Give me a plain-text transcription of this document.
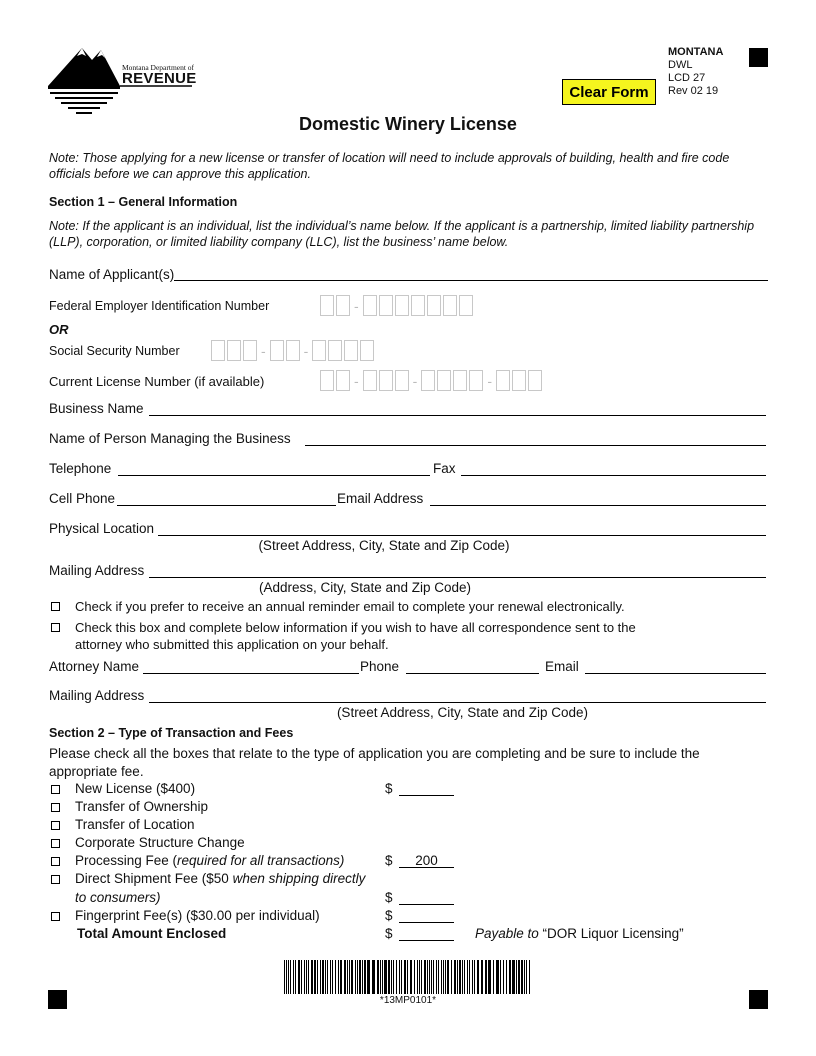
Montana Department of
REVENUE
MONTANA
DWL
LCD 27
Rev 02 19
Clear Form
Domestic Winery License
Note: Those applying for a new license or transfer of location will need to include approvals of building, health and fire code officials before we can approve this application.
Section 1 – General Information
Note: If the applicant is an individual, list the individual’s name below. If the applicant is a partnership, limited liability partnership (LLP), corporation, or limited liability company (LLC), list the business’ name below.
Name of Applicant(s)
Federal Employer Identification Number	-
OR
Social Security Number	-	-
Current License Number (if available)	-	-	-
Business Name
Name of Person Managing the Business
Telephone	Fax
Cell Phone	Email Address
Physical Location
(Street Address, City, State and Zip Code)
Mailing Address
(Address, City, State and Zip Code)
Check if you prefer to receive an annual reminder email to complete your renewal electronically.
Check this box and complete below information if you wish to have all correspondence sent to the
attorney who submitted this application on your behalf.
Attorney Name	Phone	Email
Mailing Address
(Street Address, City, State and Zip Code)
Section 2 – Type of Transaction and Fees
Please check all the boxes that relate to the type of application you are completing and be sure to include the appropriate fee.
New License ($400)	$
Transfer of Ownership
Transfer of Location
Corporate Structure Change
Processing Fee (required for all transactions)	$	200
Direct Shipment Fee ($50 when shipping directly
to consumers)	$
Fingerprint Fee(s) ($30.00 per individual)	$
Total Amount Enclosed	$	Payable to “DOR Liquor Licensing”
*13MP0101*
